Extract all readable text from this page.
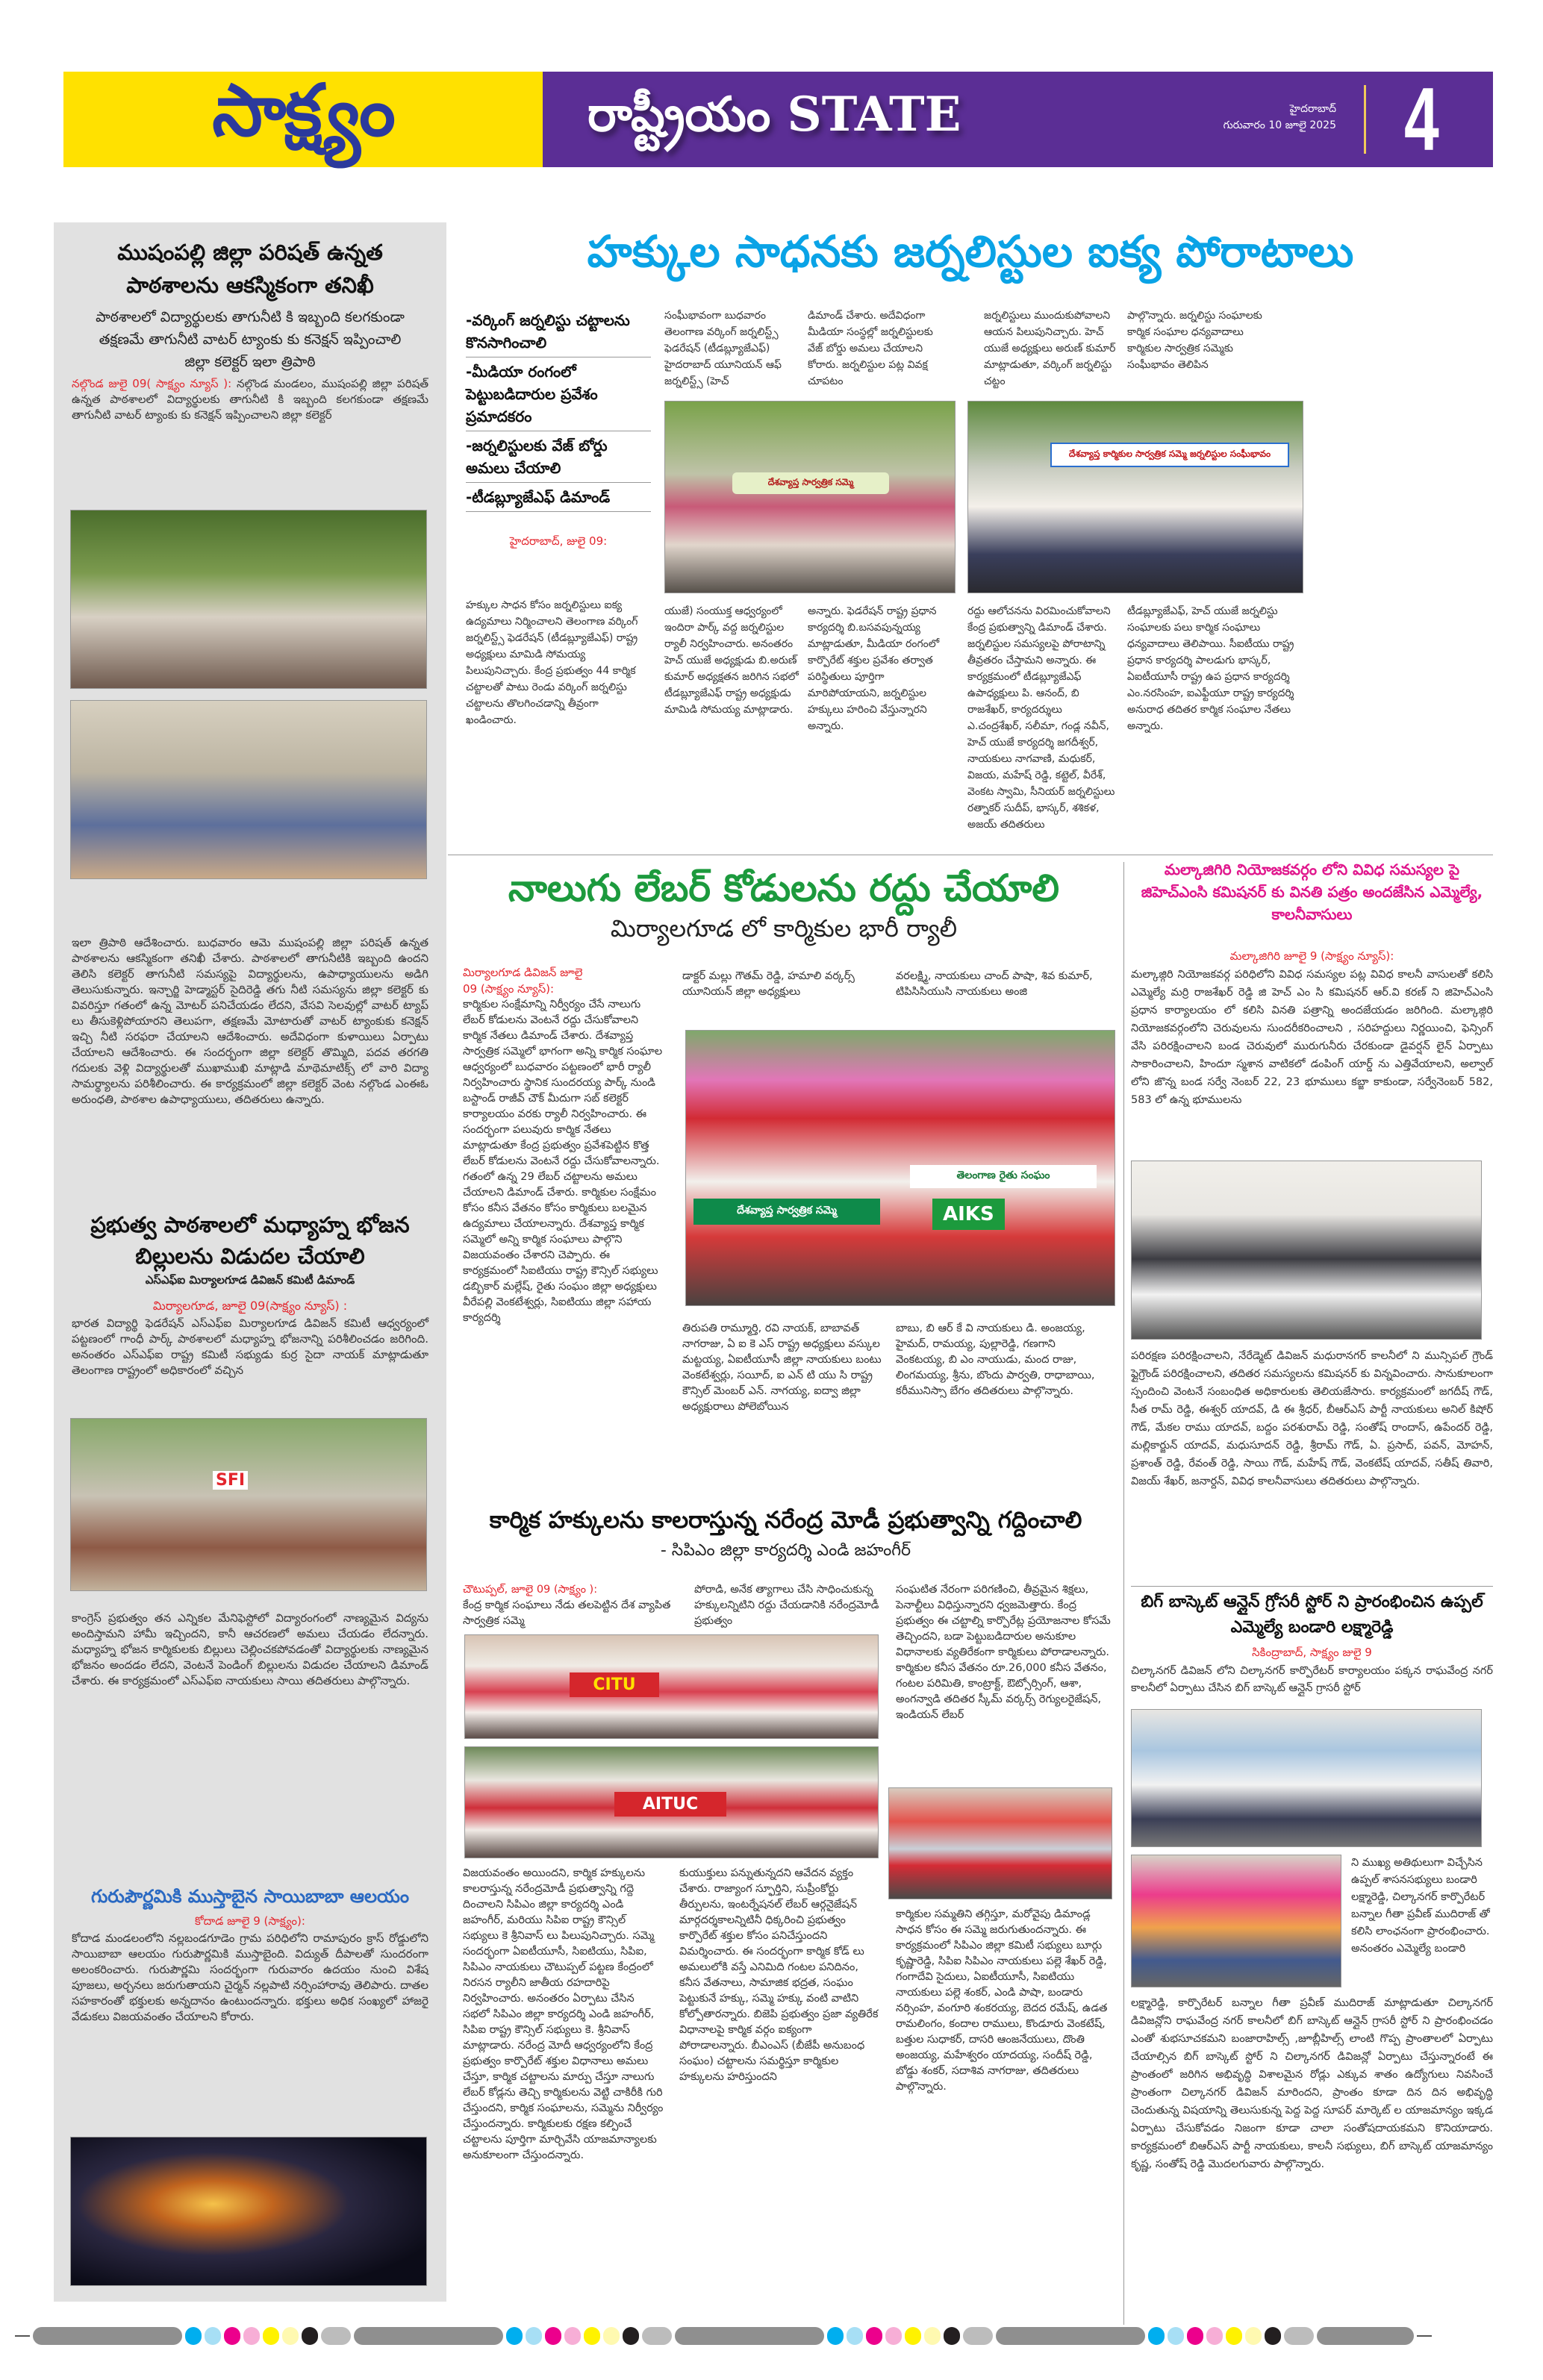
సాక్ష్యం	రాష్ట్రీయం STATE	హైదరాబాద్
గురువారం 10 జూలై 2025 4
ముషంపల్లి జిల్లా పరిషత్ ఉన్నత పాఠశాలను ఆకస్మికంగా తనిఖీ
పాఠశాలలో విద్యార్థులకు తాగునీటి కి ఇబ్బంది కలగకుండా తక్షణమే తాగునీటి వాటర్ ట్యాంకు కు కనెక్షన్ ఇప్పించాలి
జిల్లా కలెక్టర్ ఇలా త్రిపాఠి
నల్గొండ జులై 09( సాక్ష్యం న్యూస్ ): నల్గొండ మండలం, ముషంపల్లి జిల్లా పరిషత్ ఉన్నత పాఠశాలలో విద్యార్థులకు తాగునీటి కి ఇబ్బంది కలగకుండా తక్షణమే తాగునీటి వాటర్ ట్యాంకు కు కనెక్షన్ ఇప్పించాలని జిల్లా కలెక్టర్
ఇలా త్రిపాఠి ఆదేశించారు. బుధవారం ఆమె ముషంపల్లి జిల్లా పరిషత్ ఉన్నత పాఠశాలను ఆకస్మికంగా తనిఖీ చేశారు. పాఠశాలలో తాగునీటికి ఇబ్బంది ఉందని తెలిసి కలెక్టర్ తాగునీటి సమస్యపై విద్యార్థులను, ఉపాధ్యాయులను అడిగి తెలుసుకున్నారు. ఇన్చార్జి హెడ్మాస్టర్ సైదిరెడ్డి తగు నీటి సమస్యను జిల్లా కలెక్టర్ కు వివరిస్తూ గతంలో ఉన్న మోటర్ పనిచేయడం లేదని, వేసవి సెలవుల్లో వాటర్ ట్యాప్ లు తీసుకెళ్లిపోయారని తెలుపగా, తక్షణమే మోటారుతో వాటర్ ట్యాంకుకు కనెక్షన్ ఇచ్చి నీటి సరఫరా చేయాలని ఆదేశించారు. అదేవిధంగా కుళాయిలు ఏర్పాటు చేయాలని ఆదేశించారు. ఈ సందర్భంగా జిల్లా కలెక్టర్ తొమ్మిది, పదవ తరగతి గదులకు వెళ్లి విద్యార్థులతో ముఖాముఖి మాట్లాడి మాథెమాటిక్స్ లో వారి విద్యా సామర్థ్యాలను పరిశీలించారు. ఈ కార్యక్రమంలో జిల్లా కలెక్టర్ వెంట నల్గొండ ఎంఈఓ అరుంధతి, పాఠశాల ఉపాధ్యాయులు, తదితరులు ఉన్నారు.
ప్రభుత్వ పాఠశాలలో మధ్యాహ్న భోజన బిల్లులను విడుదల చేయాలి
ఎస్ఎఫ్ఐ మిర్యాలగూడ డివిజన్ కమిటీ డిమాండ్
మిర్యాలగూడ, జూలై 09(సాక్ష్యం న్యూస్) :
భారత విద్యార్థి ఫెడరేషన్ ఎస్ఎఫ్ఐ మిర్యాలగూడ డివిజన్ కమిటీ ఆధ్వర్యంలో పట్టణంలో గాంధీ పార్క్ పాఠశాలలో మధ్యాహ్న భోజనాన్ని పరిశీలించడం జరిగింది. అనంతరం ఎస్ఎఫ్ఐ రాష్ట్ర కమిటీ సభ్యుడు కుర్ర సైదా నాయక్ మాట్లాడుతూ తెలంగాణ రాష్ట్రంలో అధికారంలో వచ్చిన
SFI
కాంగ్రెస్ ప్రభుత్వం తన ఎన్నికల మేనిఫెస్టోలో విద్యారంగంలో నాణ్యమైన విద్యను అందిస్తామని హామీ ఇచ్చిందని, కానీ ఆచరణలో అమలు చేయడం లేదన్నారు. మధ్యాహ్న భోజన కార్మికులకు బిల్లులు చెల్లించకపోవడంతో విద్యార్థులకు నాణ్యమైన భోజనం అందడం లేదని, వెంటనే పెండింగ్ బిల్లులను విడుదల చేయాలని డిమాండ్ చేశారు. ఈ కార్యక్రమంలో ఎస్ఎఫ్ఐ నాయకులు సాయి తదితరులు పాల్గొన్నారు.
గురుపౌర్ణమికి ముస్తాబైన సాయిబాబా ఆలయం
కోదాడ జూలై 9 (సాక్ష్యం):
కోదాడ మండలంలోని నల్లబండగూడెం గ్రామ పరిధిలోని రామాపురం క్రాస్ రోడ్డులోని సాయిబాబా ఆలయం గురుపౌర్ణమికి ముస్తాబైంది. విద్యుత్ దీపాలతో సుందరంగా అలంకరించారు. గురుపౌర్ణమి సందర్భంగా గురువారం ఉదయం నుంచి విశేష పూజలు, అర్చనలు జరుగుతాయని చైర్మన్ నల్లపాటి నర్సింహారావు తెలిపారు. దాతల సహకారంతో భక్తులకు అన్నదానం ఉంటుందన్నారు. భక్తులు అధిక సంఖ్యలో హాజరై వేడుకలు విజయవంతం చేయాలని కోరారు.
హక్కుల సాధనకు జర్నలిస్టుల ఐక్య పోరాటాలు
-వర్కింగ్ జర్నలిస్టు చట్టాలను కొనసాగించాలి
-మీడియా రంగంలో పెట్టుబడిదారుల ప్రవేశం ప్రమాదకరం
-జర్నలిస్టులకు వేజ్ బోర్డు అమలు చేయాలి
-టీడబ్ల్యూజేఎఫ్ డిమాండ్
హైదరాబాద్, జులై 09:
సంఘీభావంగా బుధవారం తెలంగాణ వర్కింగ్ జర్నలిస్ట్స్ ఫెడరేషన్ (టీడబ్ల్యూజేఎఫ్) హైదరాబాద్ యూనియన్ ఆఫ్ జర్నలిస్ట్స్ (హెచ్
డిమాండ్ చేశారు. అదేవిధంగా మీడియా సంస్థల్లో జర్నలిస్టులకు వేజ్ బోర్డు అమలు చేయాలని కోరారు. జర్నలిస్టుల పట్ల వివక్ష చూపటం
జర్నలిస్టులు ముందుకుపోవాలని ఆయన పిలుపునిచ్చారు. హెచ్ యుజే అధ్యక్షులు అరుణ్ కుమార్ మాట్లాడుతూ, వర్కింగ్ జర్నలిస్టు చట్టం
పాల్గొన్నారు. జర్నలిస్టు సంఘాలకు కార్మిక సంఘాల ధన్యవాదాలు కార్మికుల సార్వత్రిక సమ్మెకు సంఘీభావం తెలిపిన
దేశవ్యాప్త సార్వత్రిక సమ్మె
దేశవ్యాప్త కార్మికుల సార్వత్రిక సమ్మె జర్నలిస్టుల సంఘీభావం
హక్కుల సాధన కోసం జర్నలిస్టులు ఐక్య ఉద్యమాలు నిర్మించాలని తెలంగాణ వర్కింగ్ జర్నలిస్ట్స్ ఫెడరేషన్ (టీడబ్ల్యూజేఎఫ్) రాష్ట్ర అధ్యక్షులు మామిడి సోమయ్య పిలుపునిచ్చారు. కేంద్ర ప్రభుత్వం 44 కార్మిక చట్టాలతో పాటు రెండు వర్కింగ్ జర్నలిస్టు చట్టాలను తొలగించడాన్ని తీవ్రంగా ఖండించారు.
యుజే) సంయుక్త ఆధ్వర్యంలో ఇందిరా పార్క్ వద్ద జర్నలిస్టుల ర్యాలీ నిర్వహించారు. అనంతరం హెచ్ యుజే అధ్యక్షుడు బి.అరుణ్ కుమార్ అధ్యక్షతన జరిగిన సభలో టీడబ్ల్యూజేఎఫ్ రాష్ట్ర అధ్యక్షుడు మామిడి సోమయ్య మాట్లాడారు.
అన్నారు. ఫెడరేషన్ రాష్ట్ర ప్రధాన కార్యదర్శి బి.బసవపున్నయ్య మాట్లాడుతూ, మీడియా రంగంలో కార్పొరేట్ శక్తుల ప్రవేశం తర్వాత పరిస్థితులు పూర్తిగా మారిపోయాయని, జర్నలిస్టుల హక్కులు హరించి వేస్తున్నారని అన్నారు.
రద్దు ఆలోచనను విరమించుకోవాలని కేంద్ర ప్రభుత్వాన్ని డిమాండ్ చేశారు. జర్నలిస్టుల సమస్యలపై పోరాటాన్ని తీవ్రతరం చేస్తామని అన్నారు. ఈ కార్యక్రమంలో టీడబ్ల్యూజేఎఫ్ ఉపాధ్యక్షులు పి. ఆనంద్, బి రాజశేఖర్, కార్యదర్శులు ఎ.చంద్రశేఖర్, సలీమా, గండ్ల నవీన్, హెచ్ యుజే కార్యదర్శి జగదీశ్వర్, నాయకులు నాగవాణి, మధుకర్, విజయ, మహేష్ రెడ్డి, కట్టెల్, వీరేశ్, వెంకట స్వామి, సీనియర్ జర్నలిస్టులు రత్నాకర్ సుదీప్, భాస్కర్, శశికళ, అజయ్ తదితరులు
టీడబ్ల్యూజేఎఫ్, హెచ్ యుజే జర్నలిస్టు సంఘాలకు పలు కార్మిక సంఘాలు ధన్యవాదాలు తెలిపాయి. సీఐటీయు రాష్ట్ర ప్రధాన కార్యదర్శి పాలడుగు భాస్కర్, ఏఐటీయూసీ రాష్ట్ర ఉప ప్రధాన కార్యదర్శి ఎం.నరసింహ, ఐఎఫ్టీయూ రాష్ట్ర కార్యదర్శి అనురాధ తదితర కార్మిక సంఘాల నేతలు అన్నారు.
నాలుగు లేబర్ కోడులను రద్దు చేయాలి
మిర్యాలగూడ లో కార్మికుల భారీ ర్యాలీ
మిర్యాలగూడ డివిజన్ జూలై 09 (సాక్ష్యం న్యూస్):
కార్మికుల సంక్షేమాన్ని నిర్వీర్యం చేసే నాలుగు లేబర్ కోడులను వెంటనే రద్దు చేసుకోవాలని కార్మిక నేతలు డిమాండ్ చేశారు. దేశవ్యాప్త సార్వత్రిక సమ్మెలో భాగంగా అన్ని కార్మిక సంఘాల ఆధ్వర్యంలో బుధవారం పట్టణంలో భారీ ర్యాలీ నిర్వహించారు స్థానిక సుందరయ్య పార్క్ నుండి బస్టాండ్ రాజీవ్ చౌక్ మీదుగా సబ్ కలెక్టర్ కార్యాలయం వరకు ర్యాలీ నిర్వహించారు. ఈ సందర్భంగా పలువురు కార్మిక నేతలు మాట్లాడుతూ కేంద్ర ప్రభుత్వం ప్రవేశపెట్టిన కొత్త లేబర్ కోడులను వెంటనే రద్దు చేసుకోవాలన్నారు. గతంలో ఉన్న 29 లేబర్ చట్టాలను అమలు చేయాలని డిమాండ్ చేశారు. కార్మికుల సంక్షేమం కోసం కనీస వేతనం కోసం కార్మికులు బలమైన ఉద్యమాలు చేయాలన్నారు. దేశవ్యాప్త కార్మిక సమ్మెలో అన్ని కార్మిక సంఘాలు పాల్గొని విజయవంతం చేశారని చెప్పారు. ఈ కార్యక్రమంలో సిఐటియు రాష్ట్ర కౌన్సిల్ సభ్యులు డబ్బికార్ మల్లేష్, రైతు సంఘం జిల్లా అధ్యక్షులు వీరేపల్లి వెంకటేశ్వర్లు, సిఐటియు జిల్లా సహాయ కార్యదర్శి
డాక్టర్ మల్లు గౌతమ్ రెడ్డి, హమాలి వర్కర్స్ యూనియన్ జిల్లా అధ్యక్షులు
వరలక్ష్మి, నాయకులు చాంద్ పాషా, శివ కుమార్, టిపిసిసియుసి నాయకులు అంజి
దేశవ్యాప్త సార్వత్రిక సమ్మె
తెలంగాణ రైతు సంఘం
AIKS
తిరుపతి రామ్మూర్తి, రవి నాయక్, బాబావత్ నాగరాజు, ఏ ఐ కె ఎస్ రాష్ట్ర అధ్యక్షులు వస్కుల మట్టయ్య, ఏఐటీయూసీ జిల్లా నాయకులు బంటు వెంకటేశ్వర్లు, సయీద్, ఐ ఎన్ టి యు సి రాష్ట్ర కౌన్సిల్ మెంబర్ ఎన్. నాగయ్య, ఐద్వా జిల్లా అధ్యక్షురాలు పోలెబోయిన
బాబు, బి ఆర్ కే వి నాయకులు డి. అంజయ్య, హైమద్, రామయ్య, పుల్లారెడ్డి, గణగాని వెంకటయ్య, బి ఎం నాయుడు, మంద రాజు, లింగమయ్య, శ్రీను, బొందు పార్వతి, రాధాబాయి, కరీమునిస్సా బేగం తదితరులు పాల్గొన్నారు.
కార్మిక హక్కులను కాలరాస్తున్న నరేంద్ర మోడీ ప్రభుత్వాన్ని గద్దించాలి
- సిపిఎం జిల్లా కార్యదర్శి ఎండి జహంగీర్
చౌటుప్పల్, జూలై 09 (సాక్ష్యం ):
కేంద్ర కార్మిక సంఘాలు నేడు తలపెట్టిన దేశ వ్యాపిత సార్వత్రిక సమ్మె
పోరాడి, అనేక త్యాగాలు చేసి సాధించుకున్న హక్కులన్నిటిని రద్దు చేయడానికి నరేంద్రమోడీ ప్రభుత్వం
సంఘటిత నేరంగా పరిగణించి, తీవ్రమైన శిక్షలు, పెనాల్టీలు విధిస్తున్నారని ధ్వజమెత్తారు. కేంద్ర ప్రభుత్వం ఈ చట్టాల్ని కార్పొరేట్ల ప్రయోజనాల కోసమే తెచ్చిందని, బడా పెట్టుబడిదారుల అనుకూల విధానాలకు వ్యతిరేకంగా కార్మికులు పోరాడాలన్నారు. కార్మికుల కనీస వేతనం రూ.26,000 కనీస వేతనం, గంటల పరిమితి, కాంట్రాక్ట్, ఔట్సోర్సింగ్, ఆశా, అంగన్వాడి తదితర స్కీమ్ వర్కర్స్ రెగ్యులరైజేషన్, ఇండియన్ లేబర్
CITU
AITUC
విజయవంతం అయిందని, కార్మిక హక్కులను కాలరాస్తున్న నరేంద్రమోడీ ప్రభుత్వాన్ని గద్దె దించాలని సిపిఎం జిల్లా కార్యదర్శి ఎండి జహంగీర్, మరియు సిపిఐ రాష్ట్ర కౌన్సిల్ సభ్యులు కె శ్రీనివాస్ లు పిలుపునిచ్చారు. సమ్మె సందర్భంగా ఏఐటీయూసీ, సిఐటియు, సిపిఐ, సిపిఎం నాయకులు చౌటుప్పల్ పట్టణ కేంద్రంలో నిరసన ర్యాలీని జాతీయ రహదారిపై నిర్వహించారు. అనంతరం ఏర్పాటు చేసిన సభలో సిపిఎం జిల్లా కార్యదర్శి ఎండి జహంగీర్, సిపిఐ రాష్ట్ర కౌన్సిల్ సభ్యులు కె. శ్రీనివాస్ మాట్లాడారు. నరేంద్ర మోదీ ఆధ్వర్యంలోని కేంద్ర ప్రభుత్వం కార్పొరేట్ శక్తుల విధానాలు అమలు చేస్తూ, కార్మిక చట్టాలను మార్పు చేస్తూ నాలుగు లేబర్ కోడ్లను తెచ్చి కార్మికులను వెట్టి చాకిరీకి గురి చేస్తుందని, కార్మిక సంఘాలను, సమ్మెను నిర్వీర్యం చేస్తుందన్నారు. కార్మికులకు రక్షణ కల్పించే చట్టాలను పూర్తిగా మార్చివేసి యాజమాన్యాలకు అనుకూలంగా చేస్తుందన్నారు.
కుయుక్తులు పన్నుతున్నదని ఆవేదన వ్యక్తం చేశారు. రాజ్యాంగ స్ఫూర్తిని, సుప్రీంకోర్టు తీర్పులను, ఇంటర్నేషనల్ లేబర్ ఆర్గనైజేషన్ మార్గదర్శకాలన్నిటినీ ధిక్కరించి ప్రభుత్వం కార్పొరేట్ శక్తుల కోసం పనిచేస్తుందని విమర్శించారు. ఈ సందర్భంగా కార్మిక కోడ్ లు అమలులోకి వస్తే ఎనిమిది గంటల పనిదినం, కనీస వేతనాలు, సామాజిక భద్రత, సంఘం పెట్టుకునే హక్కు, సమ్మె హక్కు వంటి వాటిని కోల్పోతారన్నారు. బిజెపి ప్రభుత్వం ప్రజా వ్యతిరేక విధానాలపై కార్మిక వర్గం ఐక్యంగా పోరాడాలన్నారు. బీఎంఎస్ (బీజేపీ అనుబంధ సంఘం) చట్టాలను సమర్థిస్తూ కార్మికుల హక్కులను హరిస్తుందని
కార్మికుల సమ్మతిని తగ్గిస్తూ, మరోవైపు డిమాండ్ల సాధన కోసం ఈ సమ్మె జరుగుతుందన్నారు. ఈ కార్యక్రమంలో సిపిఎం జిల్లా కమిటీ సభ్యులు బూర్గు కృష్ణారెడ్డి, సిపిఐ సిపిఎం నాయకులు పల్లె శేఖర్ రెడ్డి, గంగాదేవి సైదులు, ఏఐటీయూసీ, సిఐటియు నాయకులు పల్లె శంకర్, ఎండి పాషా, బండారు నర్సింహ, వంగూరి శంకరయ్య, బెదద రమేష్, ఉడత రామలింగం, కందాల రాములు, కొండూరు వెంకటేష్, బత్తుల సుధాకర్, దాసరి ఆంజనేయులు, దొంతి అంజయ్య, మహేశ్వరం యాదయ్య, సందీష్ రెడ్డి, బోడ్డు శంకర్, సదాశివ నాగరాజు, తదితరులు పాల్గొన్నారు.
మల్కాజిగిరి నియోజకవర్గం లోని వివిధ సమస్యల పై జిహెచ్ఎంసి కమిషనర్ కు వినతి పత్రం అందజేసిన ఎమ్మెల్యే, కాలనీవాసులు
మల్కాజిగిరి జూలై 9 (సాక్ష్యం న్యూస్):
మల్కాజ్గిరి నియోజకవర్గ పరిధిలోని వివిధ సమస్యల పట్ల వివిధ కాలనీ వాసులతో కలిసి ఎమ్మెల్యే మర్రి రాజశేఖర్ రెడ్డి జి హెచ్ ఎం సి కమిషనర్ ఆర్.వి కరణ్ ని జిహెచ్ఎంసి ప్రధాన కార్యాలయం లో కలిసి వినతి పత్రాన్ని అందజేయడం జరిగింది. మల్కాజ్గిరి నియోజకవర్గంలోని చెరువులను సుందరీకరించాలని , సరిహద్దులు నిర్ణయించి, ఫెన్సింగ్ వేసి పరిరక్షించాలని బండ చెరువులో మురుగునీరు చేరకుండా డైవర్షన్ లైన్ ఏర్పాటు సాకారించాలని, హిందూ స్మశాన వాటికలో డంపింగ్ యార్డ్ ను ఎత్తివేయాలని, అల్వాల్ లోని జొన్న బండ సర్వే నెంబర్ 22, 23 భూములు కబ్జా కాకుండా, సర్వేనెంబర్ 582, 583 లో ఉన్న భూములను
పరిరక్షణ పరిరక్షించాలని, నేరేడ్మెట్ డివిజన్ మధురానగర్ కాలనీలో ని మున్సిపల్ గ్రౌండ్ ఫ్లైగ్రౌండ్ పరిరక్షించాలని, తదితర సమస్యలను కమిషనర్ కు విన్నవించారు. సానుకూలంగా స్పందించి వెంటనే సంబంధిత అధికారులకు తెలియజేసారు. కార్యక్రమంలో జగదీష్ గౌడ్, సీత రామ్ రెడ్డి, ఈశ్వర్ యాదవ్, డి ఈ శ్రీధర్, బీఆర్ఎస్ పార్టీ నాయకులు అనిల్ కిషోర్ గౌడ్, మేకల రాము యాదవ్, బద్దం పరశురామ్ రెడ్డి, సంతోష్ రాందాస్, ఉపేందర్ రెడ్డి, మల్లికార్జున్ యాదవ్, మధుసూదన్ రెడ్డి, శ్రీరామ్ గౌడ్, ఏ. ప్రసాద్, పవన్, మోహన్, ప్రశాంత్ రెడ్డి, రేవంత్ రెడ్డి, సాయి గౌడ్, మహేష్ గౌడ్, వెంకటేష్ యాదవ్, సతీష్ తివారి, విజయ్ శేఖర్, జనార్దన్, వివిధ కాలనీవాసులు తదితరులు పాల్గొన్నారు.
బిగ్ బాస్కెట్ ఆన్లైన్ గ్రోసరీ స్టోర్ ని ప్రారంభించిన ఉప్పల్ ఎమ్మెల్యే బండారి లక్ష్మారెడ్డి
సికింద్రాబాద్, సాక్ష్యం జులై 9
చిల్కానగర్ డివిజన్ లోని చిల్కానగర్ కార్పొరేటర్ కార్యాలయం పక్కన రాఘవేంద్ర నగర్ కాలనీలో ఏర్పాటు చేసిన బిగ్ బాస్కెట్ ఆన్లైన్ గ్రాసరీ స్టోర్
ని ముఖ్య అతిథులుగా విచ్చేసిన ఉప్పల్ శాసనసభ్యులు బండారి లక్ష్మారెడ్డి, చిల్కానగర్ కార్పొరేటర్ బన్నాల గీతా ప్రవీణ్ ముదిరాజ్ తో కలిసి లాంఛనంగా ప్రారంభించారు. అనంతరం ఎమ్మెల్యే బండారి
లక్ష్మారెడ్డి, కార్పొరేటర్ బన్నాల గీతా ప్రవీణ్ ముదిరాజ్ మాట్లాడుతూ చిల్కానగర్ డివిజన్లోని రాఘవేంద్ర నగర్ కాలనీలో బిగ్ బాస్కెట్ ఆన్లైన్ గ్రాసరీ స్టోర్ ని ప్రారంభించడం ఎంతో శుభసూచకమని బంజారాహిల్స్ ,జూబ్లీహిల్స్ లాంటి గొప్ప ప్రాంతాలలో ఏర్పాటు చేయాల్సిన బిగ్ బాస్కెట్ స్టోర్ ని చిల్కానగర్ డివిజన్లో ఏర్పాటు చేస్తున్నారంటే ఈ ప్రాంతంలో జరిగిన అభివృద్ధి విశాలమైన రోడ్లు ఎక్కువ శాతం ఉద్యోగులు నివసించే ప్రాంతంగా చిల్కానగర్ డివిజన్ మారిందని, ప్రాంతం కూడా దిన దిన అభివృద్ధి చెందుతున్న విషయాన్ని తెలుసుకున్న పెద్ద పెద్ద సూపర్ మార్కెట్ ల యాజమాన్యం ఇక్కడ ఏర్పాటు చేసుకోవడం నిజంగా కూడా చాలా సంతోషదాయకమని కొనియాడారు. కార్యక్రమంలో బిఆర్ఎస్ పార్టీ నాయకులు, కాలనీ సభ్యులు, బిగ్ బాస్కెట్ యాజమాన్యం కృష్ణ, సంతోష్ రెడ్డి మొదలగువారు పాల్గొన్నారు.
